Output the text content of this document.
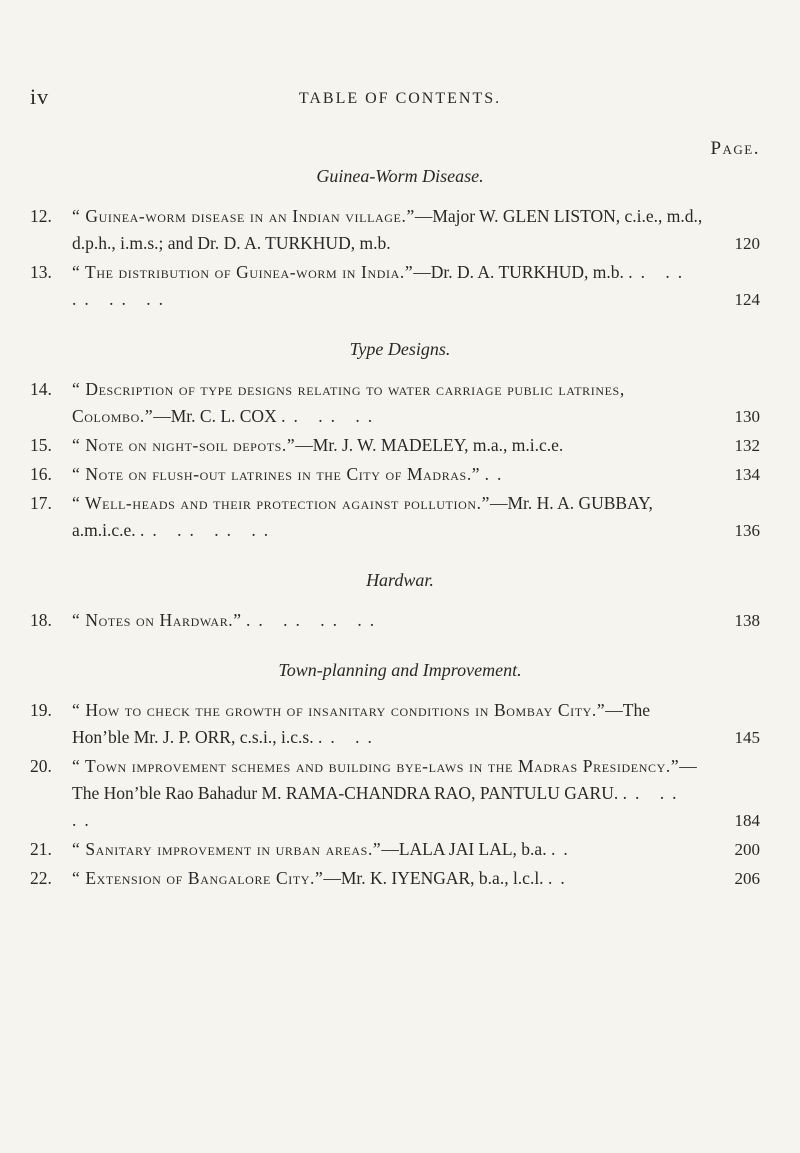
iv	TABLE OF CONTENTS.
Page.
Guinea-Worm Disease.
12. “ Guinea-worm disease in an Indian village.”—Major W. GLEN LISTON, c.i.e., m.d., d.p.h., i.m.s.; and Dr. D. A. TURKHUD, m.b.	120
13. “ The distribution of Guinea-worm in India.”—Dr. D. A. TURKHUD, m.b. .. .. .. .. ..	124
Type Designs.
14. “ Description of type designs relating to water carriage public latrines, Colombo.”—Mr. C. L. COX .. .. ..	130
15. “ Note on night-soil depots.”—Mr. J. W. MADELEY, m.a., m.i.c.e.	132
16. “ Note on flush-out latrines in the City of Madras.” ..	134
17. “ Well-heads and their protection against pollution.”—Mr. H. A. GUBBAY, a.m.i.c.e. .. .. .. ..	136
Hardwar.
18. “ Notes on Hardwar.” .. .. .. ..	138
Town-planning and Improvement.
19. “ How to check the growth of insanitary conditions in Bombay City.”—The Hon’ble Mr. J. P. ORR, c.s.i., i.c.s. .. ..	145
20. “ Town improvement schemes and building bye-laws in the Madras Presidency.”—The Hon’ble Rao Bahadur M. RAMA-CHANDRA RAO, PANTULU GARU. .. .. ..	184
21. “ Sanitary improvement in urban areas.”—LALA JAI LAL, b.a. ..	200
22. “ Extension of Bangalore City.”—Mr. K. IYENGAR, b.a., l.c.l. ..	206
